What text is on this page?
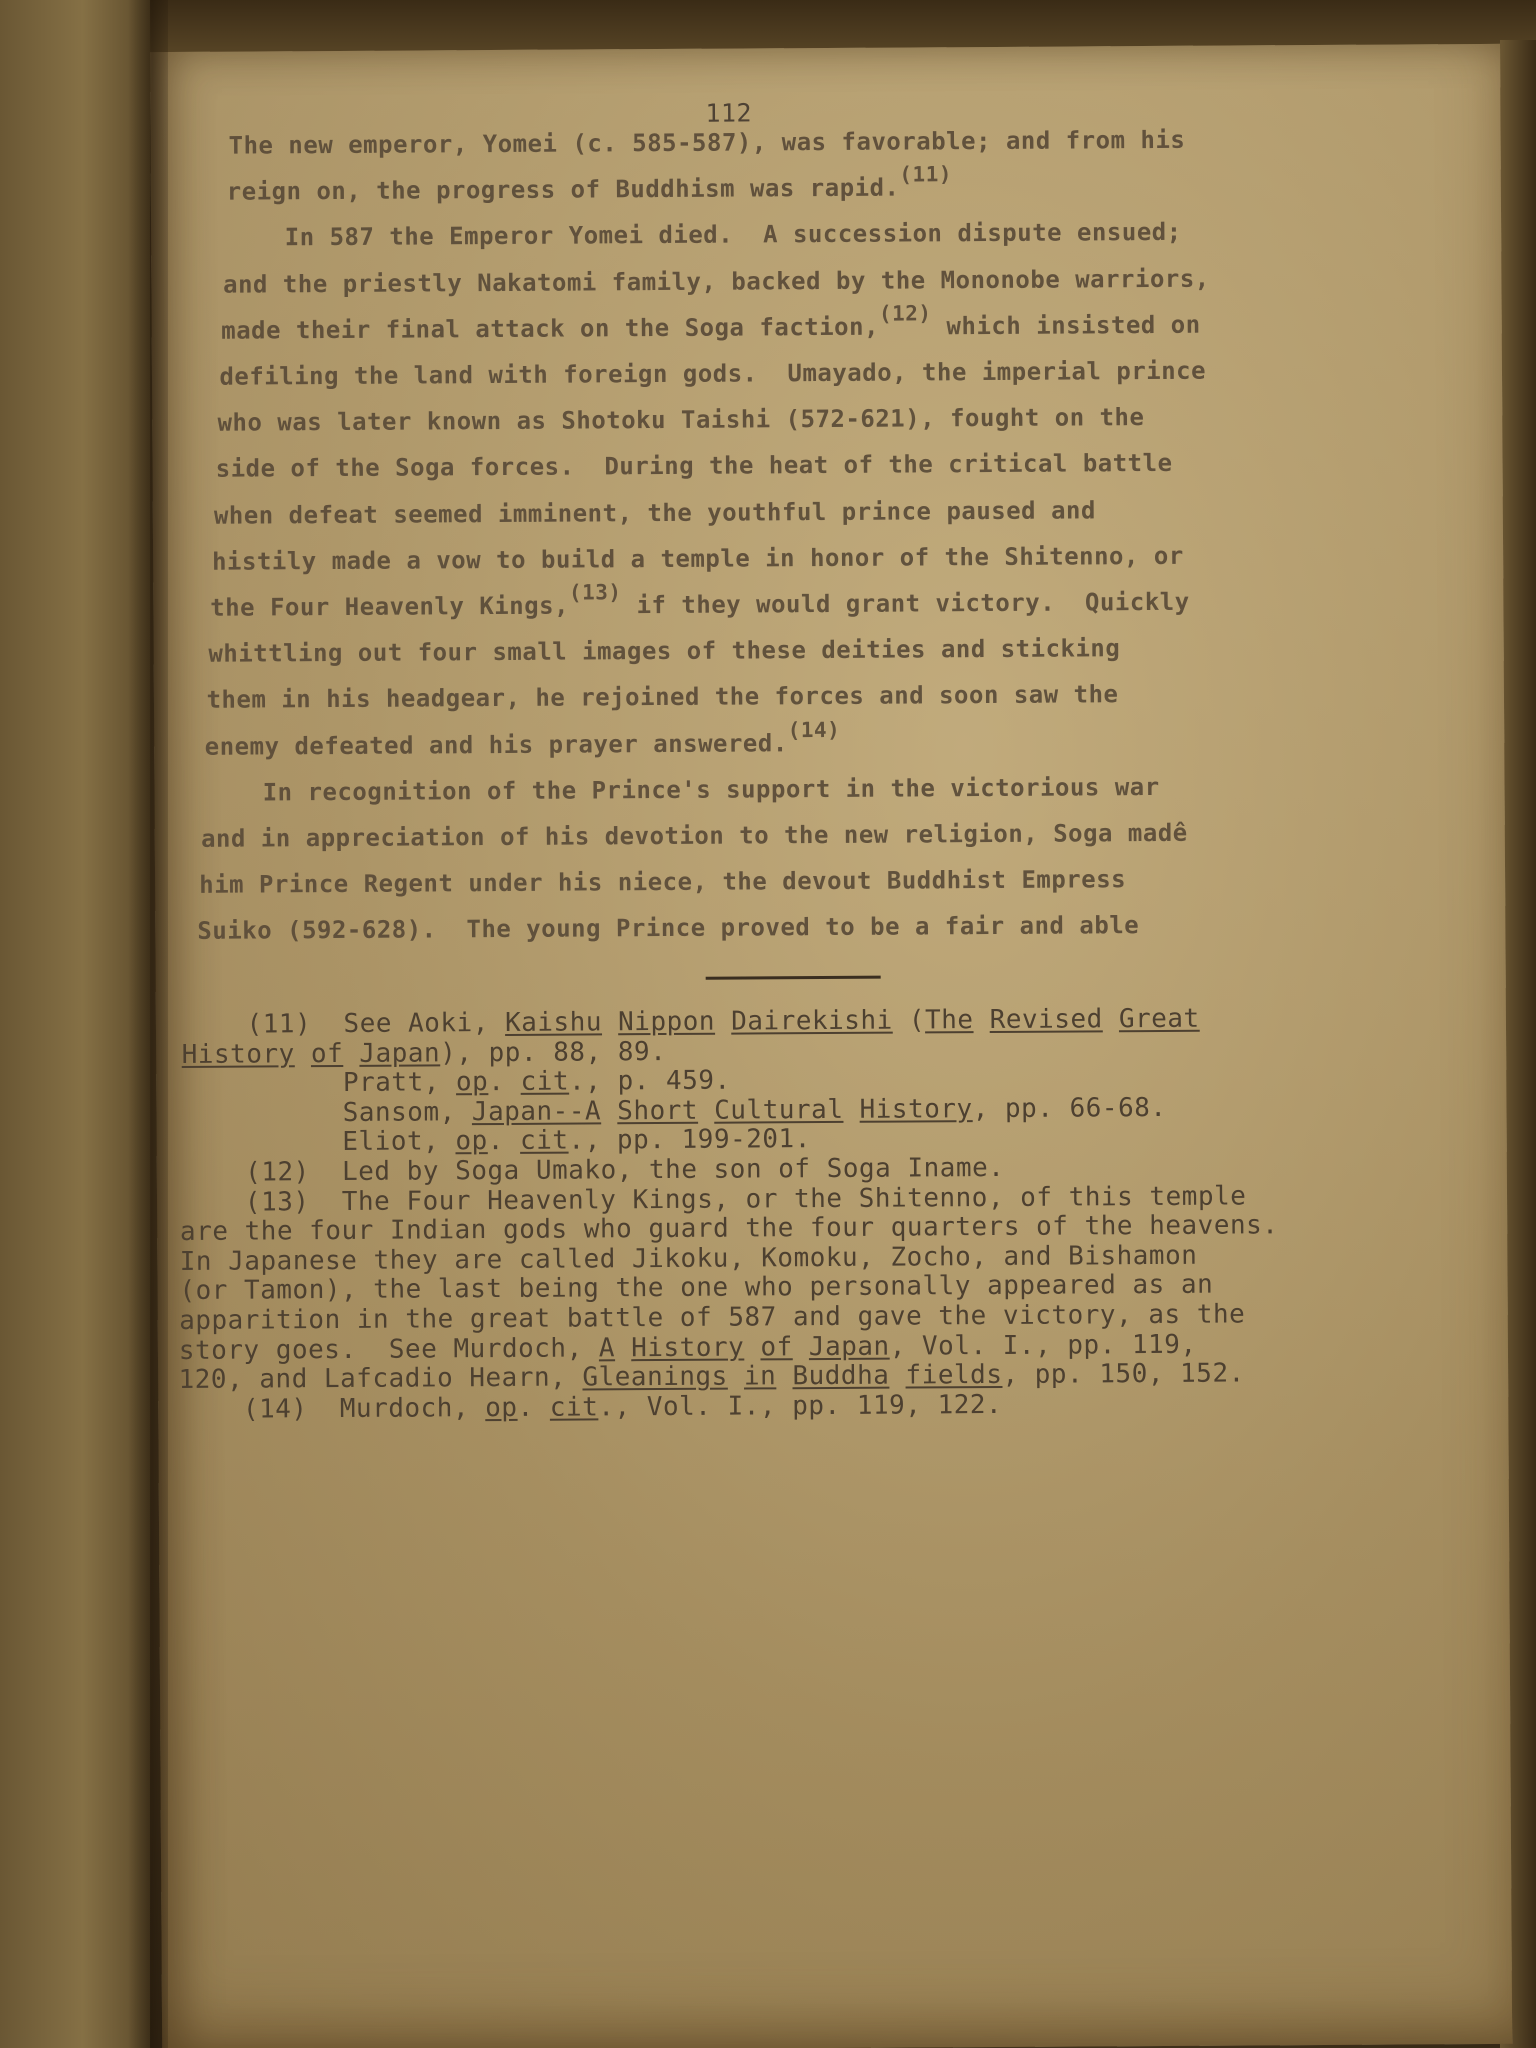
112
The new emperor, Yomei (c. 585-587), was favorable; and from his
reign on, the progress of Buddhism was rapid.(11)
In 587 the Emperor Yomei died.  A succession dispute ensued;
and the priestly Nakatomi family, backed by the Mononobe warriors,
made their final attack on the Soga faction,(12) which insisted on
defiling the land with foreign gods.  Umayado, the imperial prince
who was later known as Shotoku Taishi (572-621), fought on the
side of the Soga forces.  During the heat of the critical battle
when defeat seemed imminent, the youthful prince paused and
histily made a vow to build a temple in honor of the Shitenno, or
the Four Heavenly Kings,(13) if they would grant victory.  Quickly
whittling out four small images of these deities and sticking
them in his headgear, he rejoined the forces and soon saw the
enemy defeated and his prayer answered.(14)
In recognition of the Prince's support in the victorious war
and in appreciation of his devotion to the new religion, Soga madê
him Prince Regent under his niece, the devout Buddhist Empress
Suiko (592-628).  The young Prince proved to be a fair and able
(11)  See Aoki, Kaishu Nippon Dairekishi (The Revised Great
History of Japan), pp. 88, 89.
Pratt, op. cit., p. 459.
Sansom, Japan--A Short Cultural History, pp. 66-68.
Eliot, op. cit., pp. 199-201.
(12)  Led by Soga Umako, the son of Soga Iname.
(13)  The Four Heavenly Kings, or the Shitenno, of this temple
are the four Indian gods who guard the four quarters of the heavens.
In Japanese they are called Jikoku, Komoku, Zocho, and Bishamon
(or Tamon), the last being the one who personally appeared as an
apparition in the great battle of 587 and gave the victory, as the
story goes.  See Murdoch, A History of Japan, Vol. I., pp. 119,
120, and Lafcadio Hearn, Gleanings in Buddha fields, pp. 150, 152.
(14)  Murdoch, op. cit., Vol. I., pp. 119, 122.
